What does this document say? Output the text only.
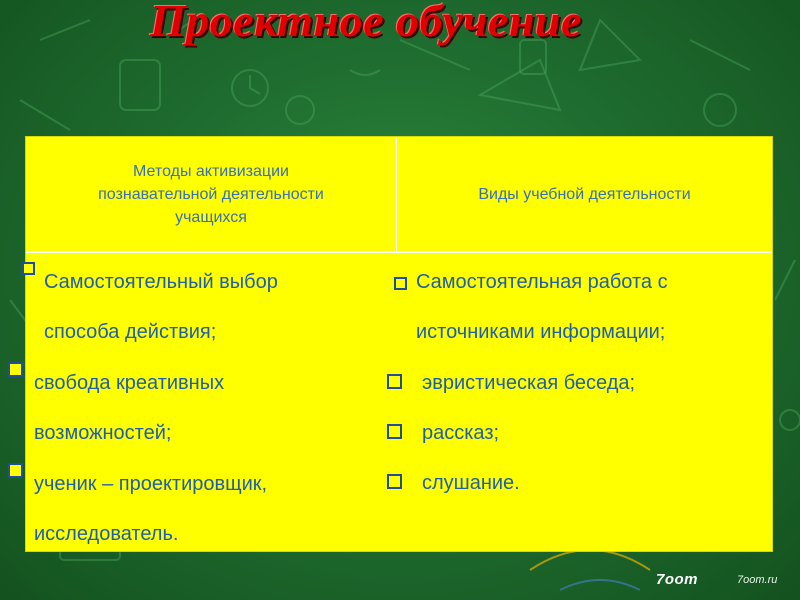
Проектное обучение
Методы активизации
познавательной деятельности
учащихся
Виды учебной деятельности
Самостоятельный выбор
способа действия;
свобода креативных
возможностей;
ученик – проектировщик,
исследователь.
Самостоятельная работа с
источниками информации;
эвристическая беседа;
рассказ;
слушание.
7oom	7oom.ru
